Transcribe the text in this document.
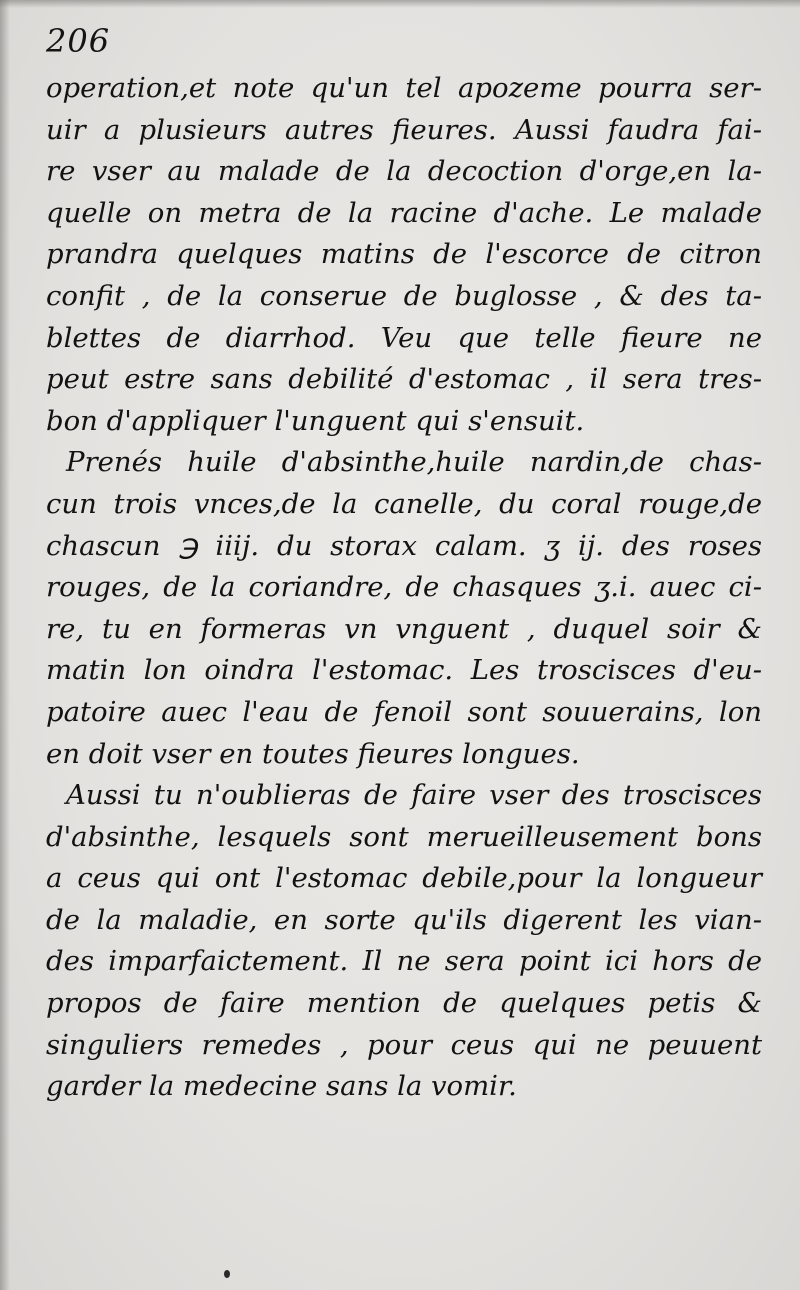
206
operation,et note qu'un tel apozeme pourra ser-
uir a plusieurs autres fieures. Aussi faudra fai-
re vser au malade de la decoction d'orge,en la-
quelle on metra de la racine d'ache. Le malade
prandra quelques matins de l'escorce de citron
confit , de la conserue de buglosse , & des ta-
blettes de diarrhod. Veu que telle fieure ne
peut estre sans debilité d'estomac , il sera tres-
bon d'appliquer l'unguent qui s'ensuit.
Prenés huile d'absinthe,huile nardin,de chas-
cun trois vnces,de la canelle, du coral rouge,de
chascun ℈ iiij. du storax calam. ʒ ij. des roses
rouges, de la coriandre, de chasques ʒ.i. auec ci-
re, tu en formeras vn vnguent , duquel soir &
matin lon oindra l'estomac. Les troscisces d'eu-
patoire auec l'eau de fenoil sont souuerains, lon
en doit vser en toutes fieures longues.
Aussi tu n'oublieras de faire vser des troscisces
d'absinthe, lesquels sont merueilleusement bons
a ceus qui ont l'estomac debile,pour la longueur
de la maladie, en sorte qu'ils digerent les vian-
des imparfaictement. Il ne sera point ici hors de
propos de faire mention de quelques petis &
singuliers remedes , pour ceus qui ne peuuent
garder la medecine sans la vomir.
